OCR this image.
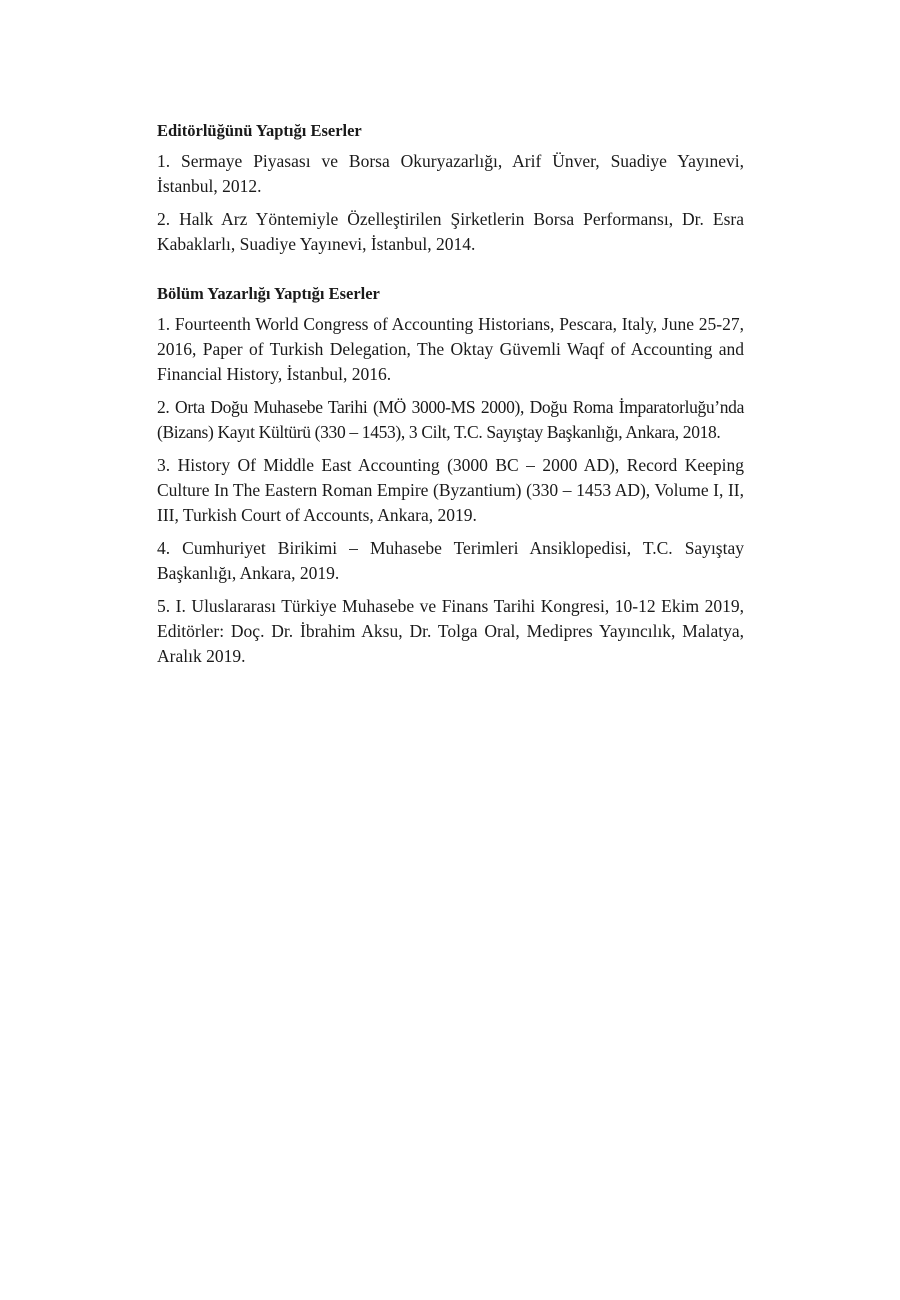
Editörlüğünü Yaptığı Eserler
1. Sermaye Piyasası ve Borsa Okuryazarlığı, Arif Ünver, Suadiye Yayınevi, İstanbul, 2012.
2. Halk Arz Yöntemiyle Özelleştirilen Şirketlerin Borsa Performansı, Dr. Esra Kabaklarlı, Suadiye Yayınevi, İstanbul, 2014.
Bölüm Yazarlığı Yaptığı Eserler
1. Fourteenth World Congress of Accounting Historians, Pescara, Italy, June 25-27, 2016, Paper of Turkish Delegation, The Oktay Güvemli Waqf of Accounting and Financial History, İstanbul, 2016.
2. Orta Doğu Muhasebe Tarihi (MÖ 3000-MS 2000), Doğu Roma İmparatorluğu’nda (Bizans) Kayıt Kültürü (330 – 1453), 3 Cilt, T.C. Sayıştay Başkanlığı, Ankara, 2018.
3. History Of Middle East Accounting (3000 BC – 2000 AD), Record Keeping Culture In The Eastern Roman Empire (Byzantium) (330 – 1453 AD), Volume I, II, III, Turkish Court of Accounts, Ankara, 2019.
4. Cumhuriyet Birikimi – Muhasebe Terimleri Ansiklopedisi, T.C. Sayıştay Başkanlığı, Ankara, 2019.
5. I. Uluslararası Türkiye Muhasebe ve Finans Tarihi Kongresi, 10-12 Ekim 2019, Editörler: Doç. Dr. İbrahim Aksu, Dr. Tolga Oral, Medipres Yayıncılık, Malatya, Aralık 2019.
